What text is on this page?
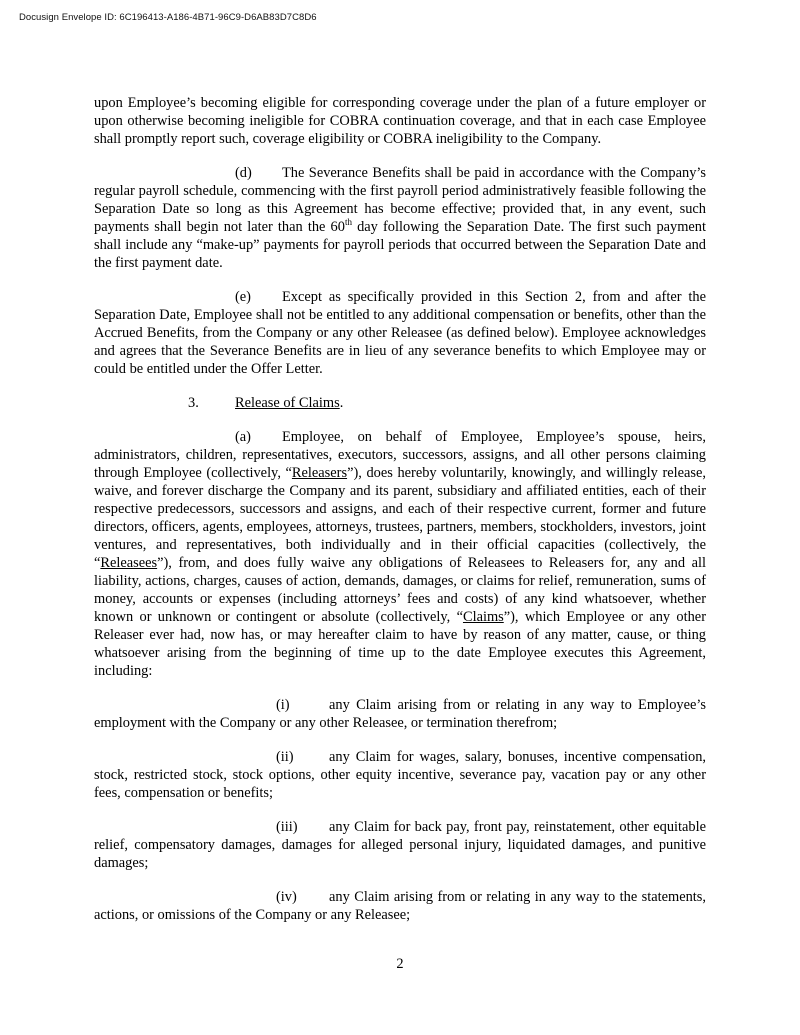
Docusign Envelope ID: 6C196413-A186-4B71-96C9-D6AB83D7C8D6

upon Employee’s becoming eligible for corresponding coverage under the plan of a future employer or upon otherwise becoming ineligible for COBRA continuation coverage, and that in each case Employee shall promptly report such, coverage eligibility or COBRA ineligibility to the Company.

(d) The Severance Benefits shall be paid in accordance with the Company’s regular payroll schedule, commencing with the first payroll period administratively feasible following the Separation Date so long as this Agreement has become effective; provided that, in any event, such payments shall begin not later than the 60th day following the Separation Date. The first such payment shall include any “make-up” payments for payroll periods that occurred between the Separation Date and the first payment date.

(e) Except as specifically provided in this Section 2, from and after the Separation Date, Employee shall not be entitled to any additional compensation or benefits, other than the Accrued Benefits, from the Company or any other Releasee (as defined below). Employee acknowledges and agrees that the Severance Benefits are in lieu of any severance benefits to which Employee may or could be entitled under the Offer Letter.

3.	Release of Claims.

(a) Employee, on behalf of Employee, Employee’s spouse, heirs, administrators, children, representatives, executors, successors, assigns, and all other persons claiming through Employee (collectively, “Releasers”), does hereby voluntarily, knowingly, and willingly release, waive, and forever discharge the Company and its parent, subsidiary and affiliated entities, each of their respective predecessors, successors and assigns, and each of their respective current, former and future directors, officers, agents, employees, attorneys, trustees, partners, members, stockholders, investors, joint ventures, and representatives, both individually and in their official capacities (collectively, the “Releasees”), from, and does fully waive any obligations of Releasees to Releasers for, any and all liability, actions, charges, causes of action, demands, damages, or claims for relief, remuneration, sums of money, accounts or expenses (including attorneys’ fees and costs) of any kind whatsoever, whether known or unknown or contingent or absolute (collectively, “Claims”), which Employee or any other Releaser ever had, now has, or may hereafter claim to have by reason of any matter, cause, or thing whatsoever arising from the beginning of time up to the date Employee executes this Agreement, including:

(i)	any Claim arising from or relating in any way to Employee’s employment with the Company or any other Releasee, or termination therefrom;

(ii) any Claim for wages, salary, bonuses, incentive compensation, stock, restricted stock, stock options, other equity incentive, severance pay, vacation pay or any other fees, compensation or benefits;

(iii) any Claim for back pay, front pay, reinstatement, other equitable relief, compensatory damages, damages for alleged personal injury, liquidated damages, and punitive damages;

(iv) any Claim arising from or relating in any way to the statements, actions, or omissions of the Company or any Releasee;

2
